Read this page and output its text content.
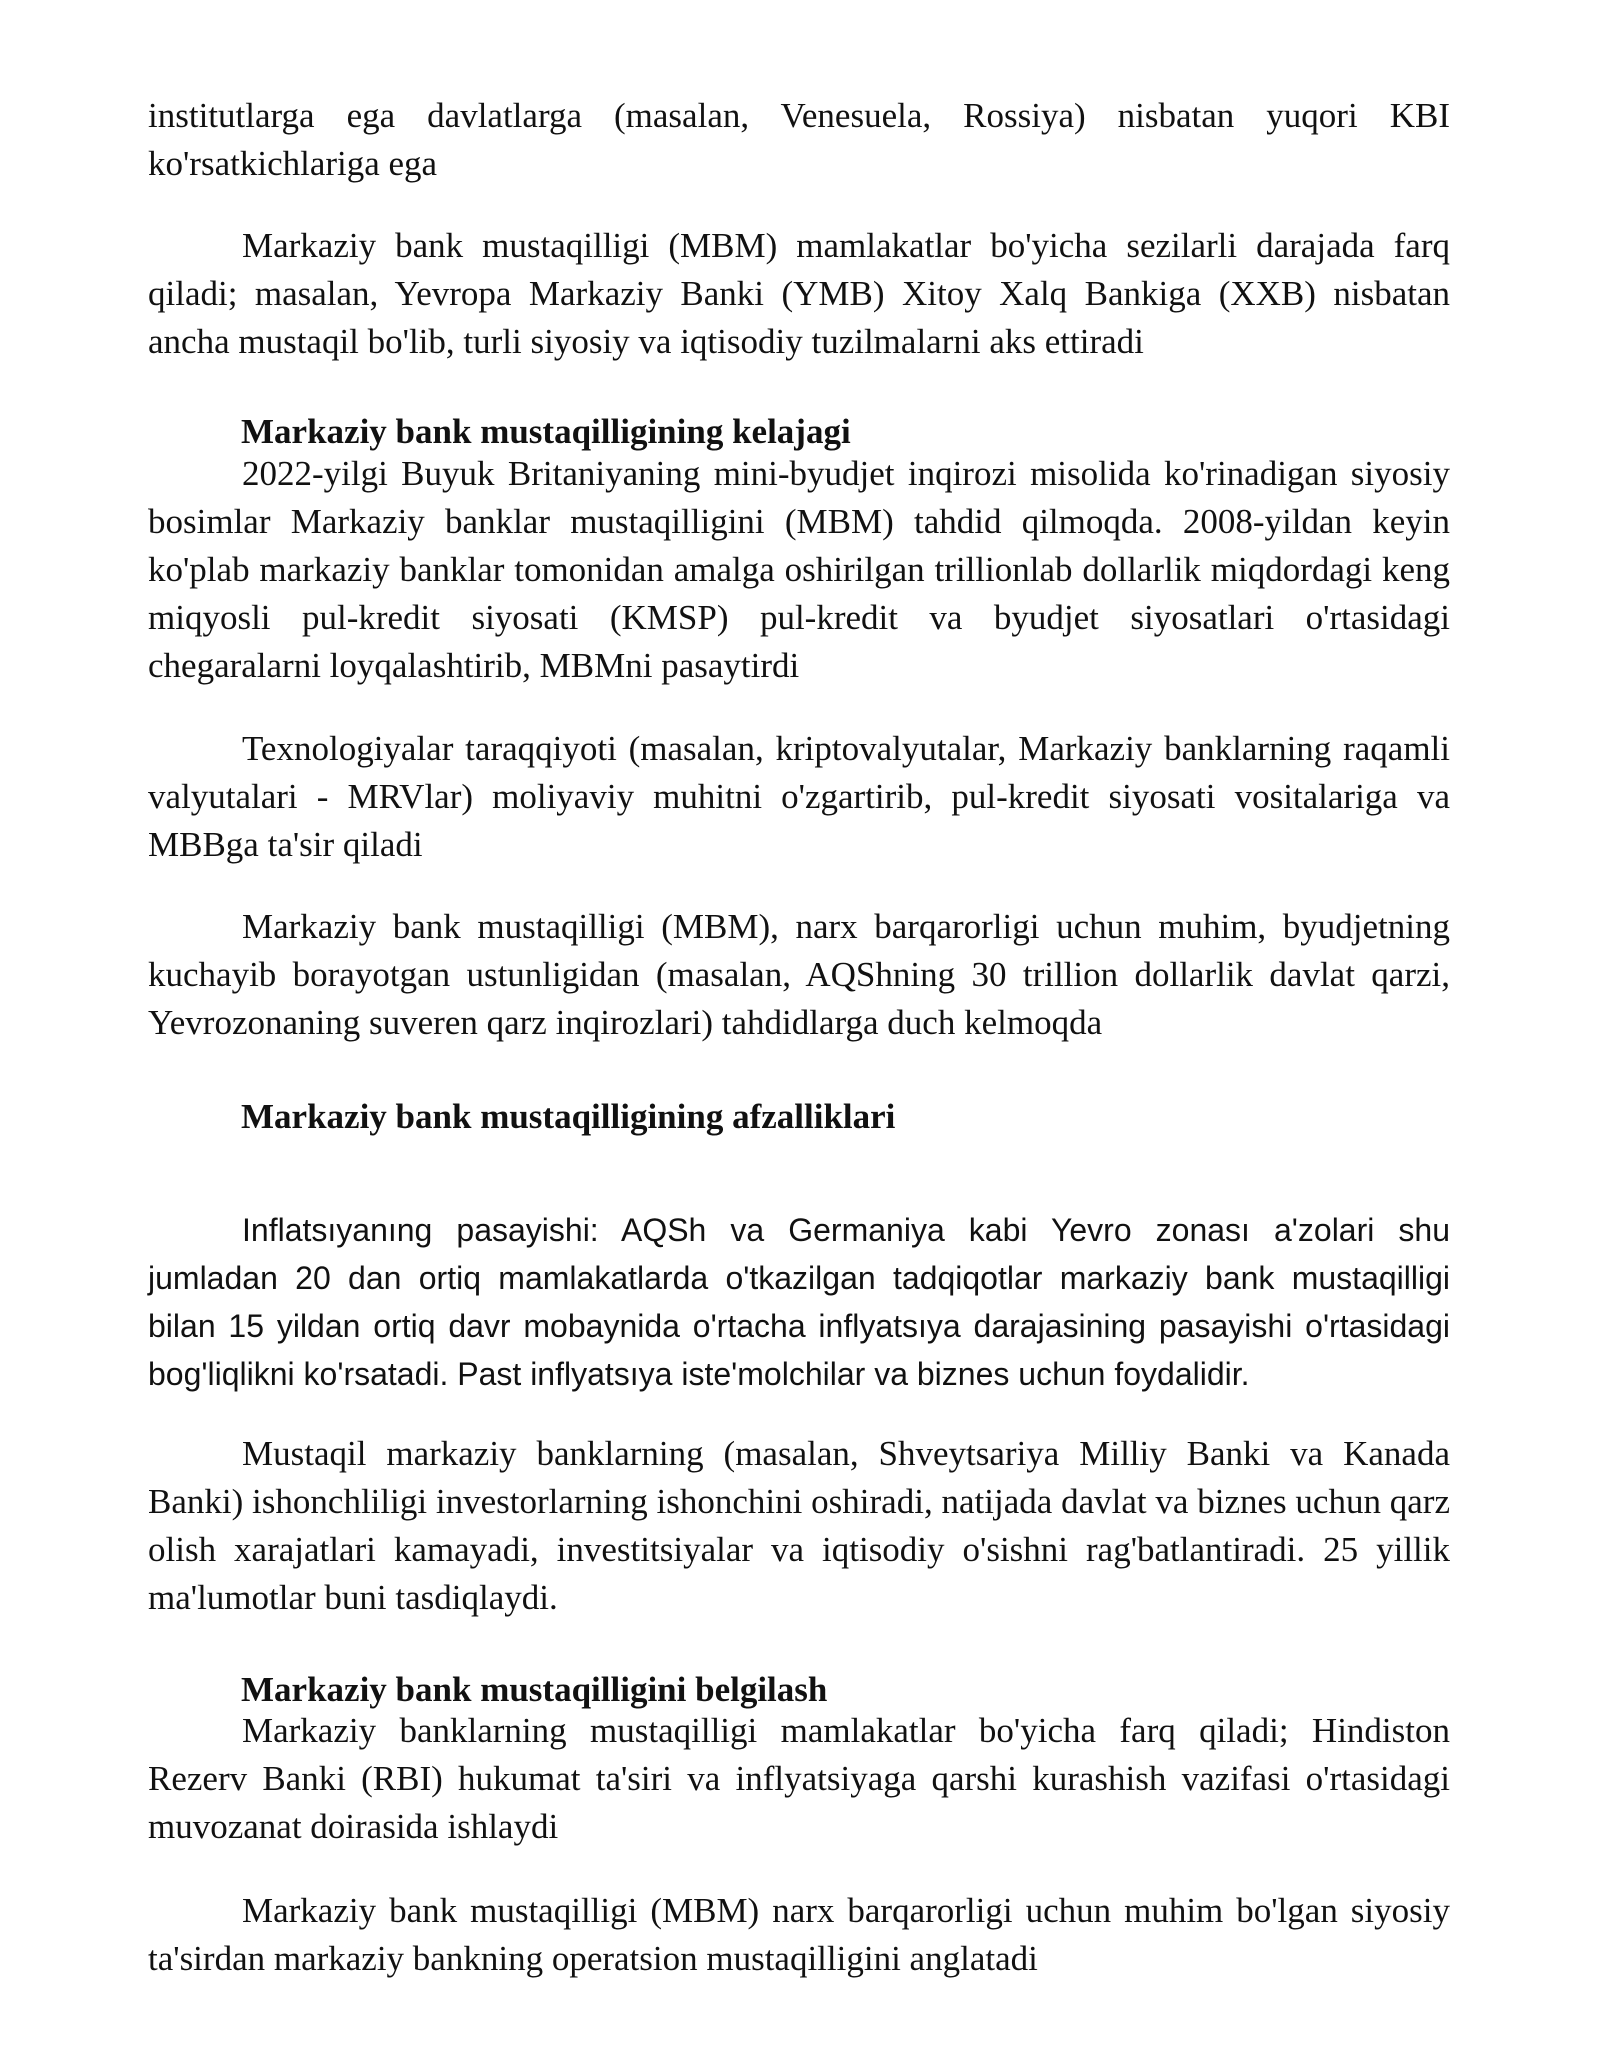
institutlarga ega davlatlarga (masalan, Venesuela, Rossiya) nisbatan yuqori KBI ko'rsatkichlariga ega

Markaziy bank mustaqilligi (MBM) mamlakatlar bo'yicha sezilarli darajada farq qiladi; masalan, Yevropa Markaziy Banki (YMB) Xitoy Xalq Bankiga (XXB) nisbatan ancha mustaqil bo'lib, turli siyosiy va iqtisodiy tuzilmalarni aks ettiradi

Markaziy bank mustaqilligining kelajagi

2022-yilgi Buyuk Britaniyaning mini-byudjet inqirozi misolida ko'rinadigan siyosiy bosimlar Markaziy banklar mustaqilligini (MBM) tahdid qilmoqda. 2008-yildan keyin ko'plab markaziy banklar tomonidan amalga oshirilgan trillionlab dollarlik miqdordagi keng miqyosli pul-kredit siyosati (KMSP) pul-kredit va byudjet siyosatlari o'rtasidagi chegaralarni loyqalashtirib, MBMni pasaytirdi

Texnologiyalar taraqqiyoti (masalan, kriptovalyutalar, Markaziy banklarning raqamli valyutalari - MRVlar) moliyaviy muhitni o'zgartirib, pul-kredit siyosati vositalariga va MBBga ta'sir qiladi

Markaziy bank mustaqilligi (MBM), narx barqarorligi uchun muhim, byudjetning kuchayib borayotgan ustunligidan (masalan, AQShning 30 trillion dollarlik davlat qarzi, Yevrozonaning suveren qarz inqirozlari) tahdidlarga duch kelmoqda

Markaziy bank mustaqilligining afzalliklari

Inflatsıyanıng pasayishi: AQSh va Germaniya kabi Yevro zonası a'zolari shu jumladan 20 dan ortiq mamlakatlarda o'tkazilgan tadqiqotlar markaziy bank mustaqilligi bilan 15 yildan ortiq davr mobaynida o'rtacha inflyatsıya darajasining pasayishi o'rtasidagi bog'liqlikni ko'rsatadi. Past inflyatsıya iste'molchilar va biznes uchun foydalidir.

Mustaqil markaziy banklarning (masalan, Shveytsariya Milliy Banki va Kanada Banki) ishonchliligi investorlarning ishonchini oshiradi, natijada davlat va biznes uchun qarz olish xarajatlari kamayadi, investitsiyalar va iqtisodiy o'sishni rag'batlantiradi. 25 yillik ma'lumotlar buni tasdiqlaydi.

Markaziy bank mustaqilligini belgilash

Markaziy banklarning mustaqilligi mamlakatlar bo'yicha farq qiladi; Hindiston Rezerv Banki (RBI) hukumat ta'siri va inflyatsiyaga qarshi kurashish vazifasi o'rtasidagi muvozanat doirasida ishlaydi

Markaziy bank mustaqilligi (MBM) narx barqarorligi uchun muhim bo'lgan siyosiy ta'sirdan markaziy bankning operatsion mustaqilligini anglatadi
